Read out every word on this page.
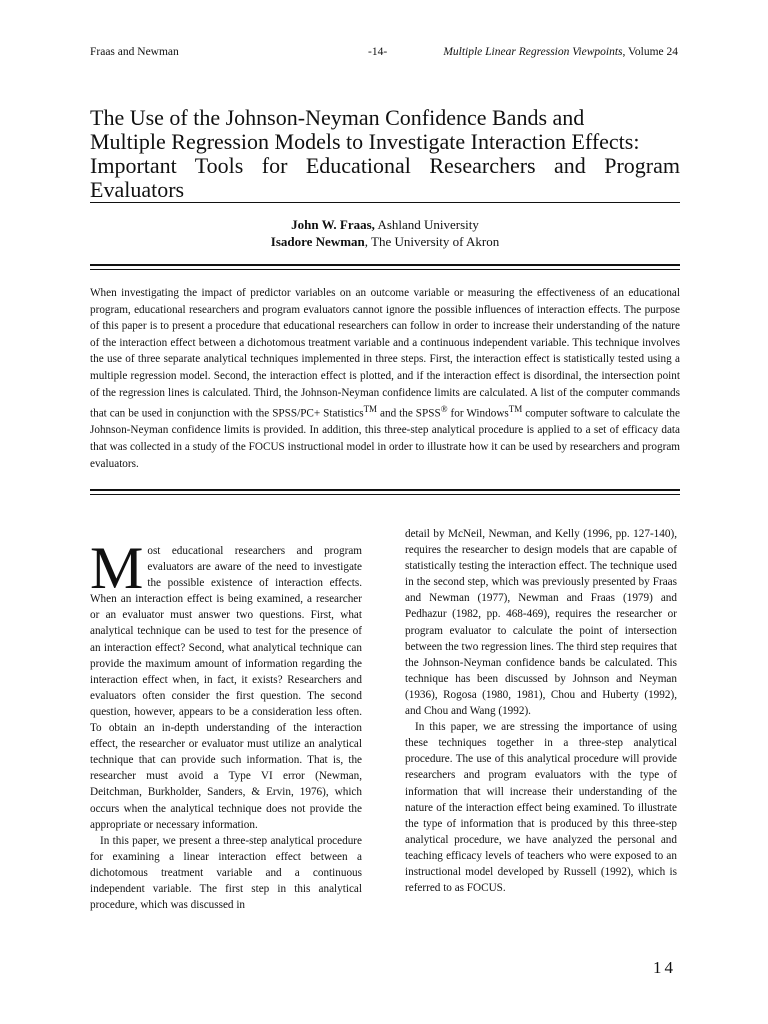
Fraas and Newman	-14-	Multiple Linear Regression Viewpoints, Volume 24
The Use of the Johnson-Neyman Confidence Bands and
Multiple Regression Models to Investigate Interaction Effects:
Important Tools for Educational Researchers and Program
Evaluators
John W. Fraas, Ashland University
Isadore Newman, The University of Akron

When investigating the impact of predictor variables on an outcome variable or measuring the effectiveness of an educational program, educational researchers and program evaluators cannot ignore the possible influences of interaction effects. The purpose of this paper is to present a procedure that educational researchers can follow in order to increase their understanding of the nature of the interaction effect between a dichotomous treatment variable and a continuous independent variable. This technique involves the use of three separate analytical techniques implemented in three steps. First, the interaction effect is statistically tested using a multiple regression model. Second, the interaction effect is plotted, and if the interaction effect is disordinal, the intersection point of the regression lines is calculated. Third, the Johnson-Neyman confidence limits are calculated. A list of the computer commands that can be used in conjunction with the SPSS/PC+ Statistics™ and the SPSS® for Windows™ computer software to calculate the Johnson-Neyman confidence limits is provided. In addition, this three-step analytical procedure is applied to a set of efficacy data that was collected in a study of the FOCUS instructional model in order to illustrate how it can be used by researchers and program evaluators.

Most educational researchers and program evaluators are aware of the need to investigate the possible existence of interaction effects. When an interaction effect is being examined, a researcher or an evaluator must answer two questions. First, what analytical technique can be used to test for the presence of an interaction effect? Second, what analytical technique can provide the maximum amount of information regarding the interaction effect when, in fact, it exists? Researchers and evaluators often consider the first question. The second question, however, appears to be a consideration less often. To obtain an in-depth understanding of the interaction effect, the researcher or evaluator must utilize an analytical technique that can provide such information. That is, the researcher must avoid a Type VI error (Newman, Deitchman, Burkholder, Sanders, & Ervin, 1976), which occurs when the analytical technique does not provide the appropriate or necessary information.

In this paper, we present a three-step analytical procedure for examining a linear interaction effect between a dichotomous treatment variable and a continuous independent variable. The first step in this analytical procedure, which was discussed in

detail by McNeil, Newman, and Kelly (1996, pp. 127-140), requires the researcher to design models that are capable of statistically testing the interaction effect. The technique used in the second step, which was previously presented by Fraas and Newman (1977), Newman and Fraas (1979) and Pedhazur (1982, pp. 468-469), requires the researcher or program evaluator to calculate the point of intersection between the two regression lines. The third step requires that the Johnson-Neyman confidence bands be calculated. This technique has been discussed by Johnson and Neyman (1936), Rogosa (1980, 1981), Chou and Huberty (1992), and Chou and Wang (1992).

In this paper, we are stressing the importance of using these techniques together in a three-step analytical procedure. The use of this analytical procedure will provide researchers and program evaluators with the type of information that will increase their understanding of the nature of the interaction effect being examined. To illustrate the type of information that is produced by this three-step analytical procedure, we have analyzed the personal and teaching efficacy levels of teachers who were exposed to an instructional model developed by Russell (1992), which is referred to as FOCUS.

14
